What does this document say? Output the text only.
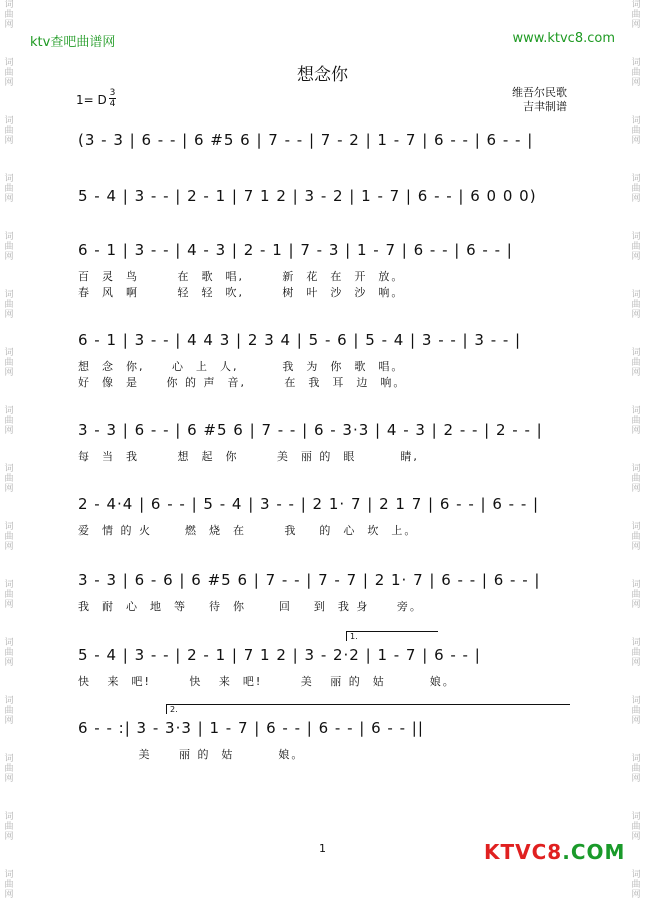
词
曲
网
词
曲
网
词
曲
网
词
曲
网
词
曲
网
词
曲
网
词
曲
网
词
曲
网
词
曲
网
词
曲
网
词
曲
网
词
曲
网
词
曲
网
词
曲
网
词
曲
网
词
曲
网
词
曲
网
词
曲
网
词
曲
网
词
曲
网
词
曲
网
词
曲
网
词
曲
网
词
曲
网
词
曲
网
词
曲
网
词
曲
网
词
曲
网
词
曲
网
词
曲
网
词
曲
网
词
曲
网
ktv查吧曲谱网	www.ktvc8.com
想念你
1= D 3
4
维吾尔民歌
吉聿制谱
(3 - 3 | 6 - - | 6 #5 6 | 7 - - | 7 - 2 | 1 - 7 | 6 - - | 6 - - |
5 - 4 | 3 - - | 2 - 1 | 7 1 2 | 3 - 2 | 1 - 7 | 6 - - | 6 0 0 0)
6 - 1 | 3 - - | 4 - 3 | 2 - 1 | 7 - 3 | 1 - 7 | 6 - - | 6 - - |
百  灵  鸟       在  歌  唱,       新  花  在  开  放。
春  风  啊       轻  轻  吹,       树  叶  沙  沙  响。
6 - 1 | 3 - - | 4 4 3 | 2 3 4 | 5 - 6 | 5 - 4 | 3 - - | 3 - - |
想  念  你,     心  上  人,        我  为  你  歌  唱。
好  像  是     你 的 声  音,       在  我  耳  边  响。
3 - 3 | 6 - - | 6 #5 6 | 7 - - | 6 - 3·3 | 4 - 3 | 2 - - | 2 - - |
每  当  我       想  起  你       美  丽 的  眼        睛,
2 - 4·4 | 6 - - | 5 - 4 | 3 - - | 2 1· 7 | 2 1 7 | 6 - - | 6 - - |
爱  情 的 火      燃  烧  在       我    的  心  坎  上。
3 - 3 | 6 - 6 | 6 #5 6 | 7 - - | 7 - 7 | 2 1· 7 | 6 - - | 6 - - |
我  耐  心  地  等    待  你      回    到  我 身     旁。
5 - 4 | 3 - - | 2 - 1 | 7 1 2 | 3 - 2·2 | 1 - 7 | 6 - - |
1.
快   来  吧!       快   来  吧!       美   丽 的  姑        娘。
6 - - :| 3 - 3·3 | 1 - 7 | 6 - - | 6 - - | 6 - - ||
2.
美     丽 的  姑        娘。
1	KTVC8.COM
